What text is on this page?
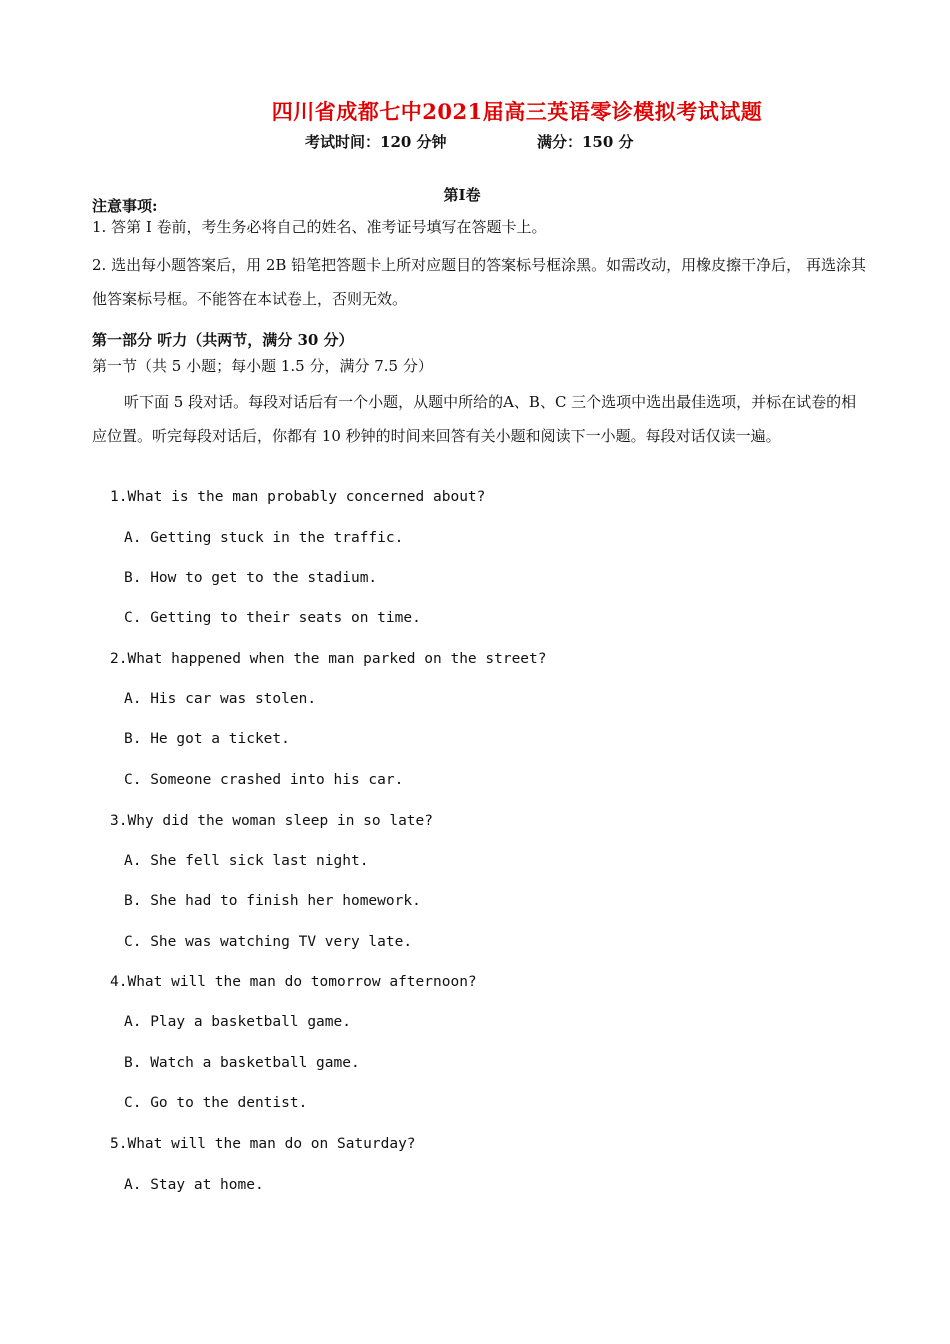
四川省成都七中2021届高三英语零诊模拟考试试题
考试时间：120 分钟	满分：150 分
第Ⅰ卷
注意事项:
1. 答第 Ⅰ 卷前，考生务必将自己的姓名、准考证号填写在答题卡上。
2. 选出每小题答案后，用 2B 铅笔把答题卡上所对应题目的答案标号框涂黑。如需改动，用橡皮擦干净后， 再选涂其他答案标号框。不能答在本试卷上，否则无效。
第一部分 听力（共两节，满分 30 分）
第一节（共 5 小题；每小题 1.5 分，满分 7.5 分）
听下面 5 段对话。每段对话后有一个小题，从题中所给的A、B、C 三个选项中选出最佳选项，并标在试卷的相应位置。听完每段对话后，你都有 10 秒钟的时间来回答有关小题和阅读下一小题。每段对话仅读一遍。
1.What is the man probably concerned about?
A. Getting stuck in the traffic.
B. How to get to the stadium.
C. Getting to their seats on time.
2.What happened when the man parked on the street?
A. His car was stolen.
B. He got a ticket.
C. Someone crashed into his car.
3.Why did the woman sleep in so late?
A. She fell sick last night.
B. She had to finish her homework.
C. She was watching TV very late.
4.What will the man do tomorrow afternoon?
A. Play a basketball game.
B. Watch a basketball game.
C. Go to the dentist.
5.What will the man do on Saturday?
A. Stay at home.
